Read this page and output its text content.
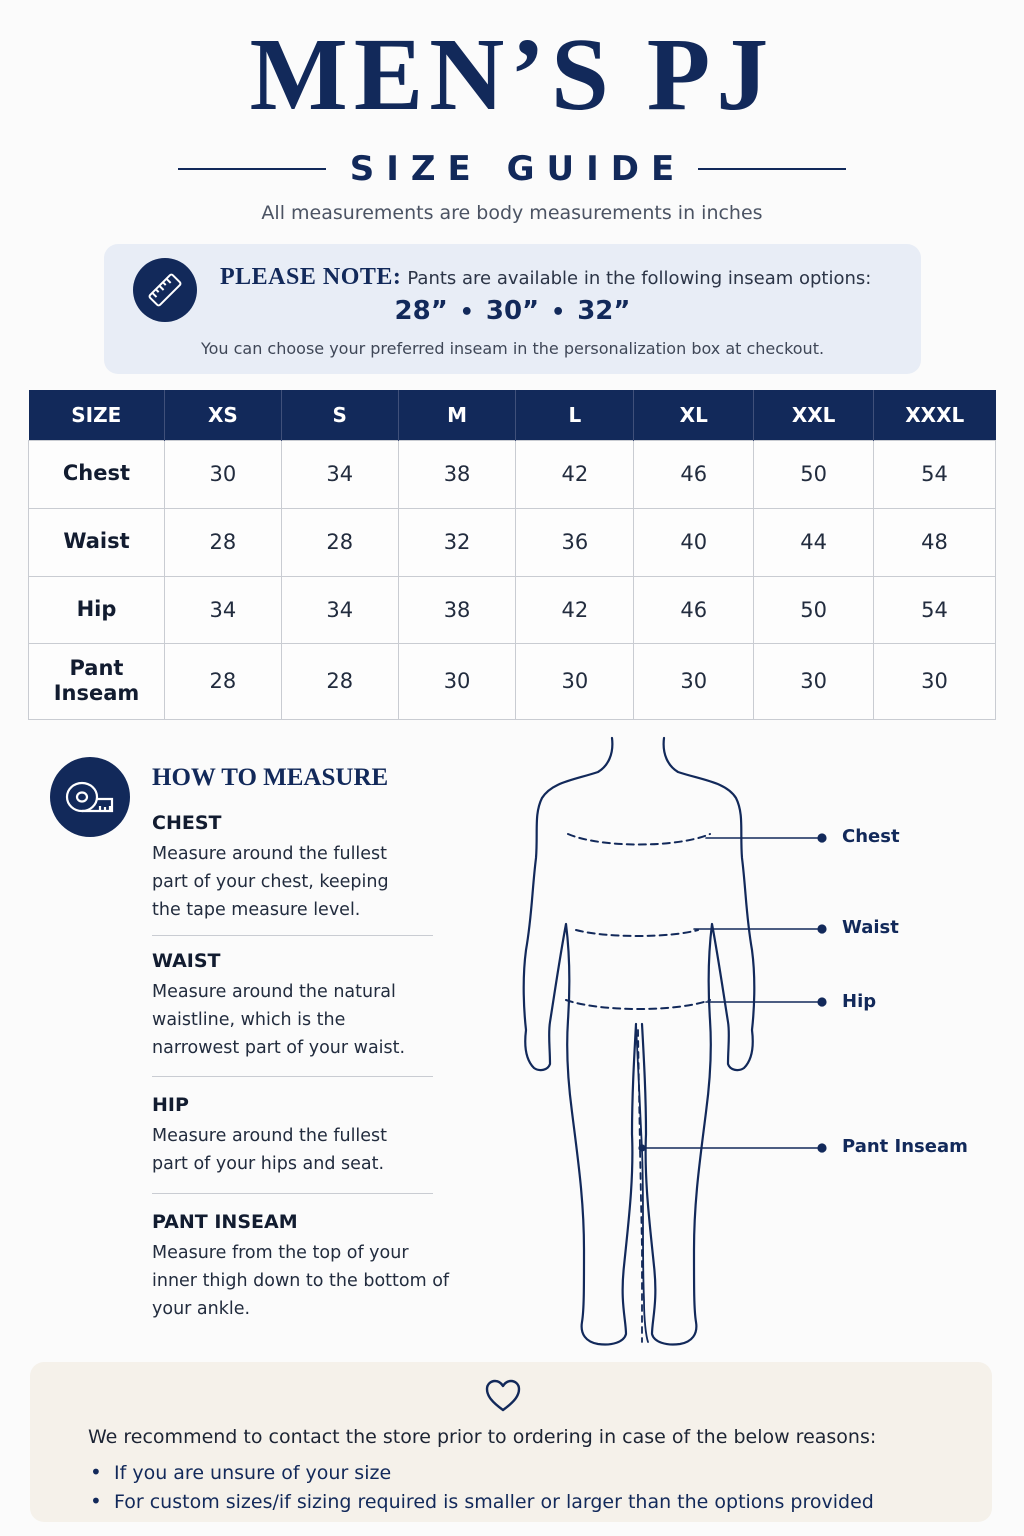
MEN’S PJ
SIZE GUIDE
All measurements are body measurements in inches
PLEASE NOTE: Pants are available in the following inseam options:
28” • 30” • 32”
You can choose your preferred inseam in the personalization box at checkout.
SIZE	XS	S	M	L	XL	XXL	XXXL
Chest	30	34	38	42	46	50	54
Waist	28	28	32	36	40	44	48
Hip	34	34	38	42	46	50	54
Pant Inseam	28	28	30	30	30	30	30
HOW TO MEASURE
CHEST
Measure around the fullest part of your chest, keeping the tape measure level.
WAIST
Measure around the natural waistline, which is the narrowest part of your waist.
HIP
Measure around the fullest part of your hips and seat.
PANT INSEAM
Measure from the top of your inner thigh down to the bottom of your ankle.
Chest
Waist
Hip
Pant Inseam
We recommend to contact the store prior to ordering in case of the below reasons:
• If you are unsure of your size
• For custom sizes/if sizing required is smaller or larger than the options provided
